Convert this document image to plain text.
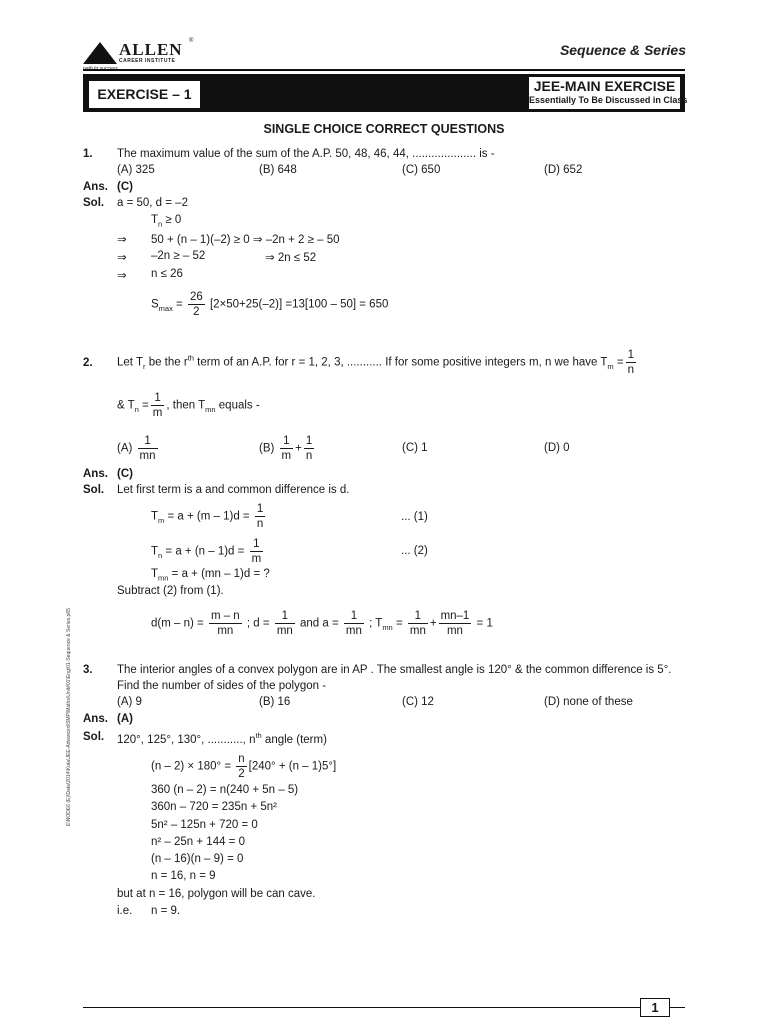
ALLEN ®
CAREER INSTITUTE
Sequence & Series
EXERCISE – 1	JEE-MAIN EXERCISE
Essentially To Be Discussed in Class
SINGLE CHOICE CORRECT QUESTIONS
1. The maximum value of the sum of the A.P. 50, 48, 46, 44, .................... is -
(A) 325	(B) 648	(C) 650	(D) 652
Ans. (C)
Sol. a = 50, d = –2
$T_n \ge 0$
⇒ 50 + (n – 1)(–2) ≥ 0 ⇒ –2n + 2 ≥ – 50
⇒ –2n ≥ – 52	⇒ 2n ≤ 52
⇒ n ≤ 26
$S_{max} = \frac{26}{2} [2\times 50+25(-2)] =13[100 - 50] = 650$
2. Let $T_r$ be the $r^{th}$ term of an A.P. for r = 1, 2, 3, ........... If for some positive integers m, n we have $T_m = \frac{1}{n}$
& $T_n = \frac{1}{m}$ , then $T_{mn}$ equals -
$(A) \frac{1}{mn}$	$(B) \frac{1}{m} + \frac{1}{n}$	(C) 1	(D) 0
Ans. (C)
Sol. Let first term is a and common difference is d.
$T_m = a + (m - 1)d = \frac{1}{n}$	... (1)
$T_n = a + (n - 1)d = \frac{1}{m}$	... (2)
$T_{mn} = a + (mn - 1)d$ = ?
Subtract (2) from (1).
$d(m - n) = \frac{m - n}{mn}$ ; $d = \frac{1}{mn}$ and $a = \frac{1}{mn}$ ; $T_{mn} = \frac{1}{mn} + \frac{mn-1}{mn} = 1$
3. The interior angles of a convex polygon are in AP . The smallest angle is 120° & the common difference is 5°.
Find the number of sides of the polygon -
(A) 9	(B) 16	(C) 12	(D) none of these
Ans. (A)
Sol. 120°, 125°, 130°, ..........., $n^{th}$ angle (term)
$(n - 2) \times 180^\circ = \frac{n}{2} [240^\circ + (n - 1)5^\circ]$
360 (n – 2) = n(240 + 5n – 5)
360n – 720 = 235n + 5n²
5n² – 125n + 720 = 0
n² – 25n + 144 = 0
(n – 16)(n – 9) = 0
n = 16, n = 9
but at n = 16, polygon will be can cave.
i.e. n = 9.
E\NODE6 (E)\Data\2014\Kota\JEE-Advanced\SMP\Maths\Unit#01\Eng\01-Sequence & Series.p65
1
